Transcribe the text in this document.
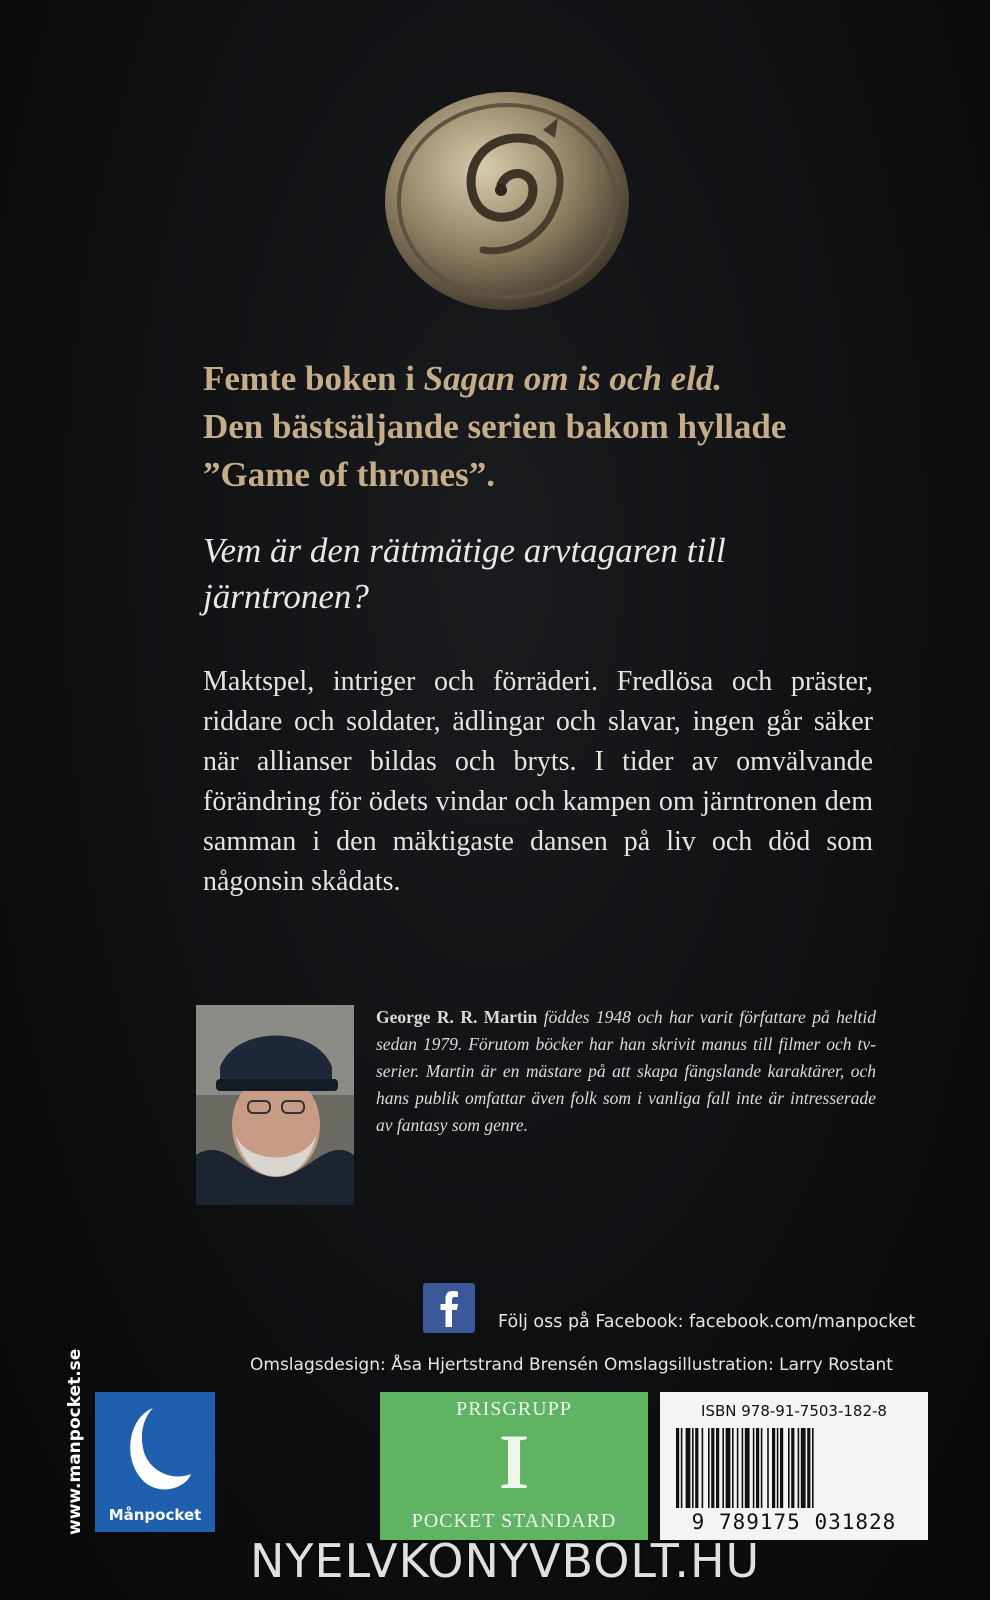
Femte boken i Sagan om is och eld.
Den bästsäljande serien bakom hyllade
”Game of thrones”.
Vem är den rättmätige arvtagaren till järntronen?
Maktspel, intriger och förräderi. Fredlösa och präster, riddare och soldater, ädlingar och slavar, ingen går säker när allianser bildas och bryts. I tider av omvälvande förändring för ödets vindar och kampen om järntronen dem samman i den mäktigaste dansen på liv och död som någonsin skådats.
George R. R. Martin föddes 1948 och har varit författare på heltid sedan 1979. Förutom böcker har han skrivit manus till filmer och tv-serier. Martin är en mästare på att skapa fängslande karaktärer, och hans publik omfattar även folk som i vanliga fall inte är intresserade av fantasy som genre.
Följ oss på Facebook: facebook.com/manpocket
Omslagsdesign: Åsa Hjertstrand Brensén Omslagsillustration: Larry Rostant
www.manpocket.se	Månpocket
PRISGRUPP
I
POCKET STANDARD
ISBN 978-91-7503-182-8
9 789175 031828
NYELVKONYVBOLT.HU
